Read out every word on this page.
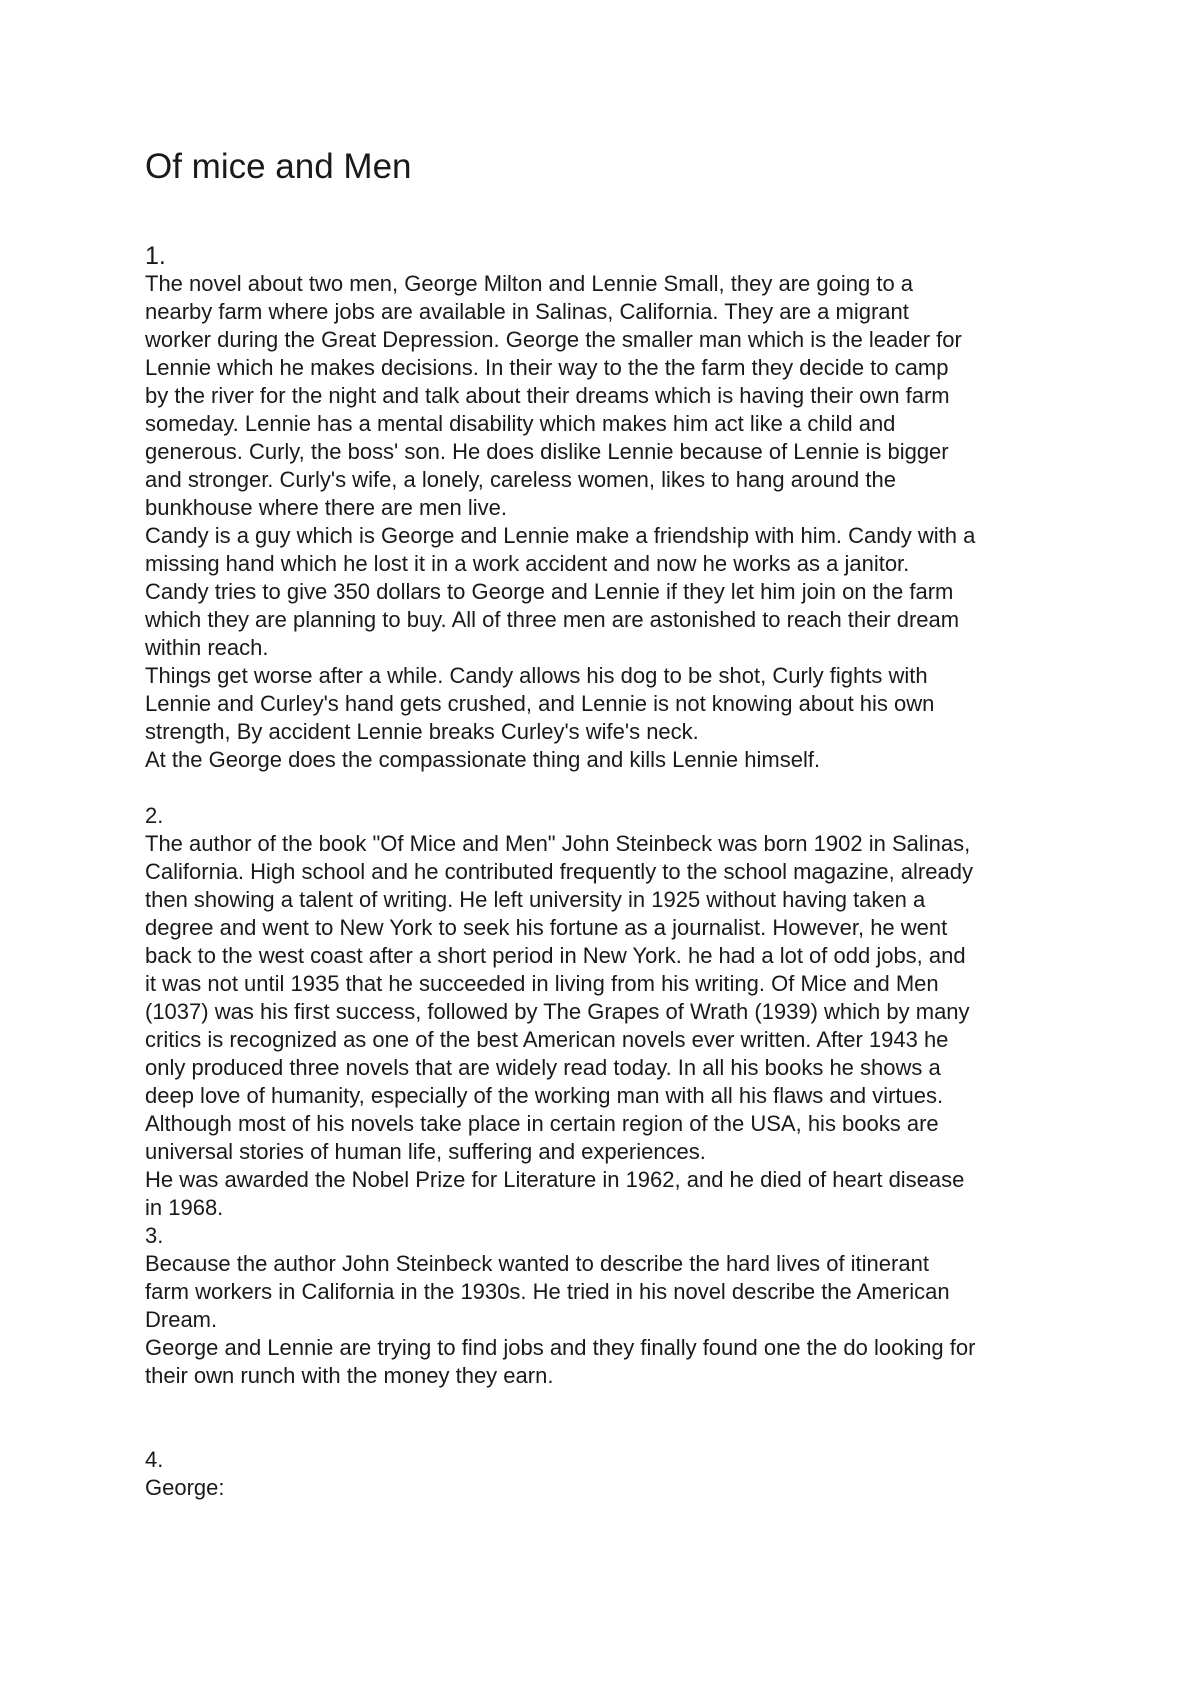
Of mice and Men
1.
The novel about two men, George Milton and Lennie Small, they are going to a
nearby farm where jobs are available in Salinas, California. They are a migrant
worker during the Great Depression. George the smaller man which is the leader for
Lennie which he makes decisions. In their way to the the farm they decide to camp
by the river for the night and talk about their dreams which is having their own farm
someday. Lennie has a mental disability which makes him act like a child and
generous. Curly, the boss' son. He does dislike Lennie because of Lennie is bigger
and stronger. Curly's wife, a lonely, careless women, likes to hang around the
bunkhouse where there are men live.
Candy is a guy which is George and Lennie make a friendship with him. Candy with a
missing hand which he lost it in a work accident and now he works as a janitor.
Candy tries to give 350 dollars to George and Lennie if they let him join on the farm
which they are planning to buy. All of three men are astonished to reach their dream
within reach.
Things get worse after a while. Candy allows his dog to be shot, Curly fights with
Lennie and Curley's hand gets crushed, and Lennie is not knowing about his own
strength, By accident Lennie breaks Curley's wife's neck.
At the George does the compassionate thing and kills Lennie himself.
2.
The author of the book "Of Mice and Men" John Steinbeck was born 1902 in Salinas,
California. High school and he contributed frequently to the school magazine, already
then showing a talent of writing. He left university in 1925 without having taken a
degree and went to New York to seek his fortune as a journalist. However, he went
back to the west coast after a short period in New York. he had a lot of odd jobs, and
it was not until 1935 that he succeeded in living from his writing. Of Mice and Men
(1037) was his first success, followed by The Grapes of Wrath (1939) which by many
critics is recognized as one of the best American novels ever written. After 1943 he
only produced three novels that are widely read today. In all his books he shows a
deep love of humanity, especially of the working man with all his flaws and virtues.
Although most of his novels take place in certain region of the USA, his books are
universal stories of human life, suffering and experiences.
He was awarded the Nobel Prize for Literature in 1962, and he died of heart disease
in 1968.
3.
Because the author John Steinbeck wanted to describe the hard lives of itinerant
farm workers in California in the 1930s. He tried in his novel describe the American
Dream.
George and Lennie are trying to find jobs and they finally found one the do looking for
their own runch with the money they earn.
4.
George:
